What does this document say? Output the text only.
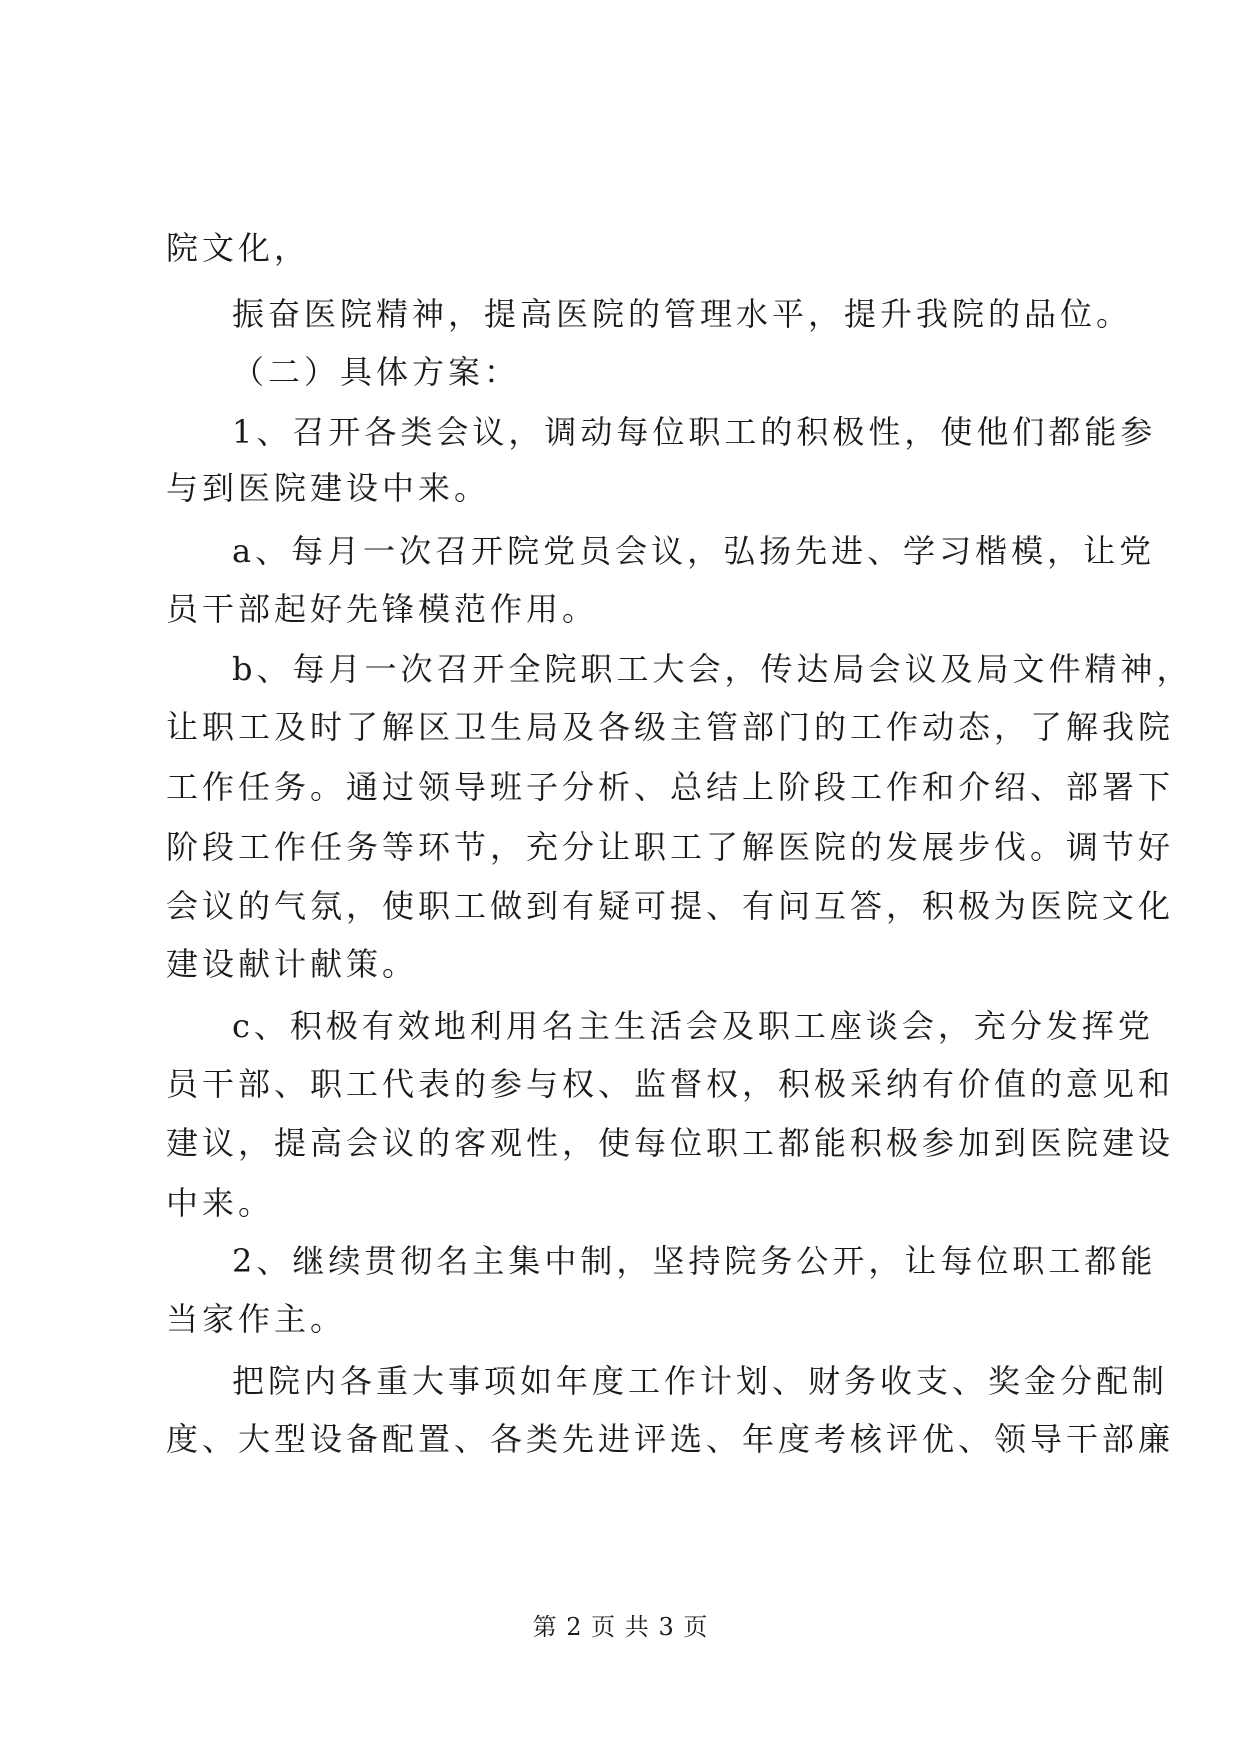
院文化，
振奋医院精神，提高医院的管理水平，提升我院的品位。
（二）具体方案：
1、召开各类会议，调动每位职工的积极性，使他们都能参
与到医院建设中来。
a、每月一次召开院党员会议，弘扬先进、学习楷模，让党
员干部起好先锋模范作用。
b、每月一次召开全院职工大会，传达局会议及局文件精神，
让职工及时了解区卫生局及各级主管部门的工作动态，了解我院
工作任务。通过领导班子分析、总结上阶段工作和介绍、部署下
阶段工作任务等环节，充分让职工了解医院的发展步伐。调节好
会议的气氛，使职工做到有疑可提、有问互答，积极为医院文化
建设献计献策。
c、积极有效地利用名主生活会及职工座谈会，充分发挥党
员干部、职工代表的参与权、监督权，积极采纳有价值的意见和
建议，提高会议的客观性，使每位职工都能积极参加到医院建设
中来。
2、继续贯彻名主集中制，坚持院务公开，让每位职工都能
当家作主。
把院内各重大事项如年度工作计划、财务收支、奖金分配制
度、大型设备配置、各类先进评选、年度考核评优、领导干部廉
第 2 页 共 3 页
